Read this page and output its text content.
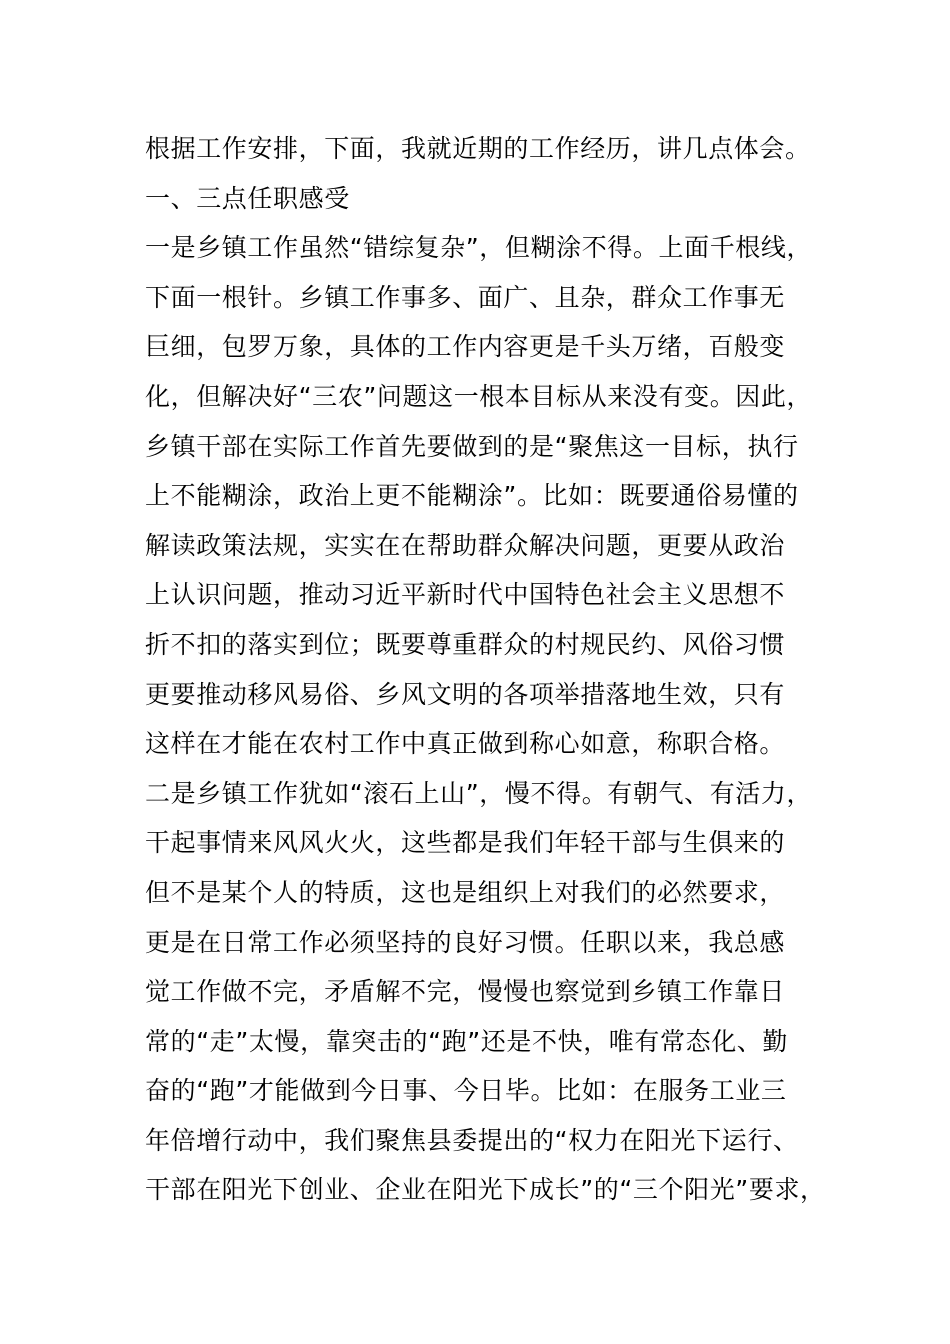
根据工作安排，下面，我就近期的工作经历，讲几点体会。
一、三点任职感受
一是乡镇工作虽然“错综复杂”，但糊涂不得。上面千根线，
下面一根针。乡镇工作事多、面广、且杂，群众工作事无
巨细，包罗万象，具体的工作内容更是千头万绪，百般变
化，但解决好“三农”问题这一根本目标从来没有变。因此，
乡镇干部在实际工作首先要做到的是“聚焦这一目标，执行
上不能糊涂，政治上更不能糊涂”。比如：既要通俗易懂的
解读政策法规，实实在在帮助群众解决问题，更要从政治
上认识问题，推动习近平新时代中国特色社会主义思想不
折不扣的落实到位；既要尊重群众的村规民约、风俗习惯
更要推动移风易俗、乡风文明的各项举措落地生效，只有
这样在才能在农村工作中真正做到称心如意，称职合格。
二是乡镇工作犹如“滚石上山”，慢不得。有朝气、有活力，
干起事情来风风火火，这些都是我们年轻干部与生俱来的
但不是某个人的特质，这也是组织上对我们的必然要求，
更是在日常工作必须坚持的良好习惯。任职以来，我总感
觉工作做不完，矛盾解不完，慢慢也察觉到乡镇工作靠日
常的“走”太慢，靠突击的“跑”还是不快，唯有常态化、勤
奋的“跑”才能做到今日事、今日毕。比如：在服务工业三
年倍增行动中，我们聚焦县委提出的“权力在阳光下运行、
干部在阳光下创业、企业在阳光下成长”的“三个阳光”要求，
